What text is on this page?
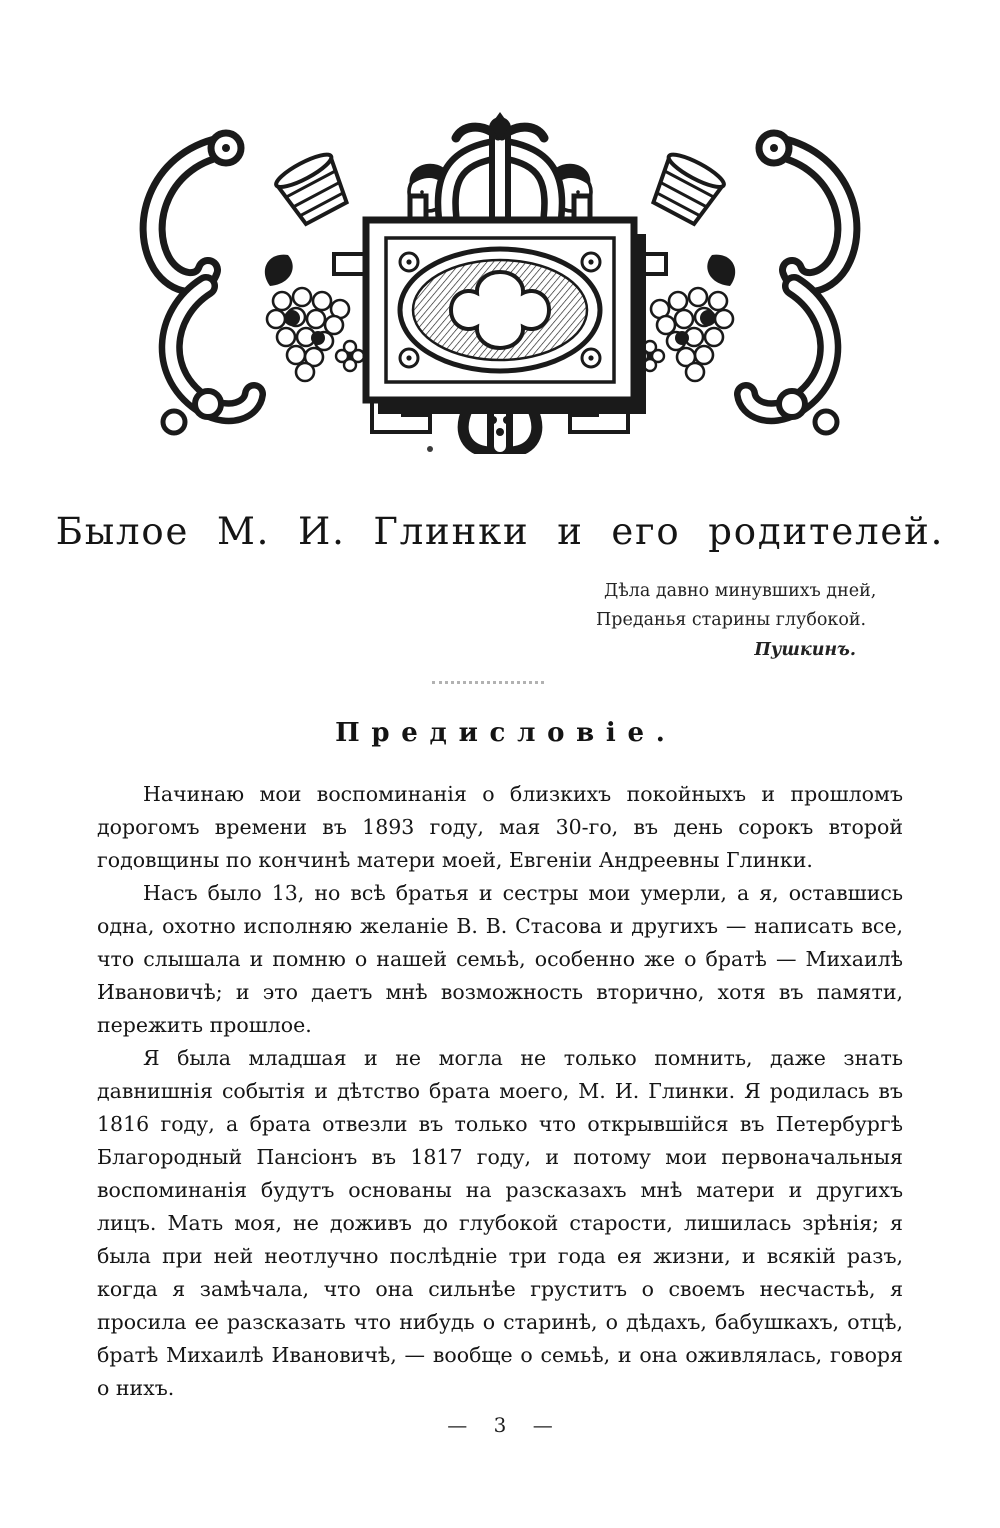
Былое М. И. Глинки и его родителей.
Дѣла давно минувшихъ дней,
Преданья старины глубокой.
Пушкинъ.
Предисловіе.

Начинаю мои воспоминанія о близкихъ покойныхъ и прошломъ дорогомъ времени въ 1893 году, мая 30-го, въ день сорокъ второй годовщины по кончинѣ матери моей, Евгеніи Андреевны Глинки.

Насъ было 13, но всѣ братья и сестры мои умерли, а я, оставшись одна, охотно исполняю желаніе В. В. Стасова и другихъ — написать все, что слышала и помню о нашей семьѣ, особенно же о братѣ — Михаилѣ Ивановичѣ; и это даетъ мнѣ возможность вторично, хотя въ памяти, пережить прошлое.

Я была младшая и не могла не только помнить, даже знать давнишнія событія и дѣтство брата моего, М. И. Глинки. Я родилась въ 1816 году, а брата отвезли въ только что открывшійся въ Петербургѣ Благородный Пансіонъ въ 1817 году, и потому мои первоначальныя воспоминанія будутъ основаны на разсказахъ мнѣ матери и другихъ лицъ. Мать моя, не доживъ до глубокой старости, лишилась зрѣнія; я была при ней неотлучно послѣдніе три года ея жизни, и всякій разъ, когда я замѣчала, что она сильнѣе груститъ о своемъ несчастьѣ, я просила ее разсказать что нибудь о старинѣ, о дѣдахъ, бабушкахъ, отцѣ, братѣ Михаилѣ Ивановичѣ, — вообще о семьѣ, и она оживлялась, говоря о нихъ.

— 3 —
